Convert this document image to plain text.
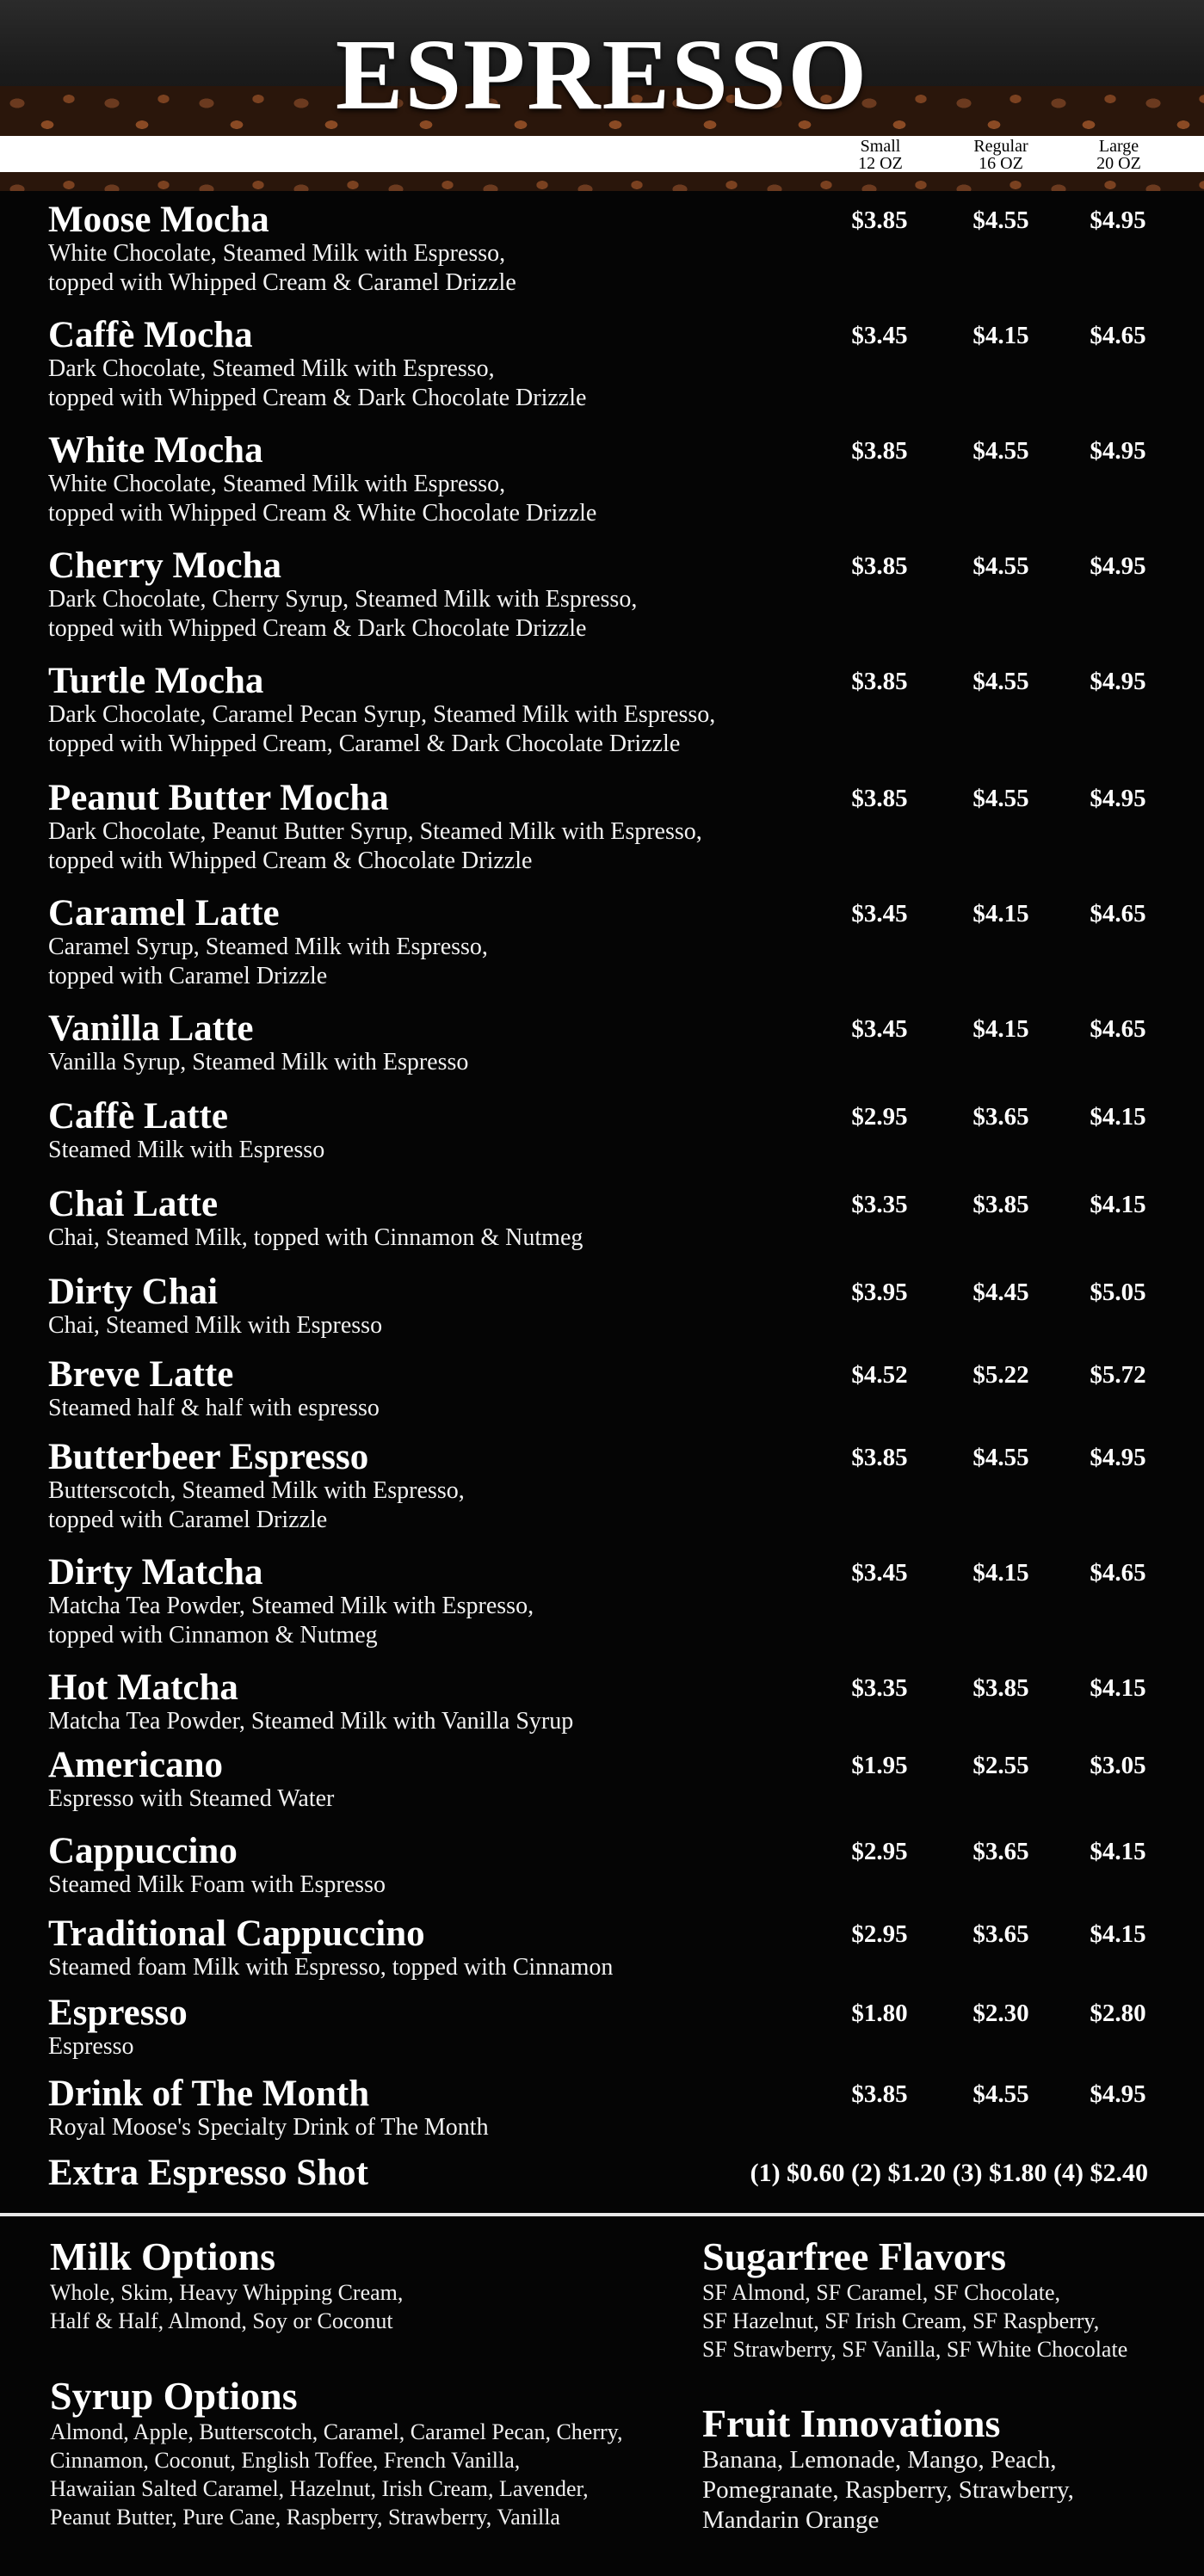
ESPRESSO
Small
12 OZ
Regular
16 OZ
Large
20 OZ
Moose Mocha
White Chocolate, Steamed Milk with Espresso,
topped with Whipped Cream & Caramel Drizzle
$3.85	$4.55	$4.95
Caffè Mocha
Dark Chocolate, Steamed Milk with Espresso,
topped with Whipped Cream & Dark Chocolate Drizzle
$3.45	$4.15	$4.65
White Mocha
White Chocolate, Steamed Milk with Espresso,
topped with Whipped Cream & White Chocolate Drizzle
$3.85	$4.55	$4.95
Cherry Mocha
Dark Chocolate, Cherry Syrup, Steamed Milk with Espresso,
topped with Whipped Cream & Dark Chocolate Drizzle
$3.85	$4.55	$4.95
Turtle Mocha
Dark Chocolate, Caramel Pecan Syrup, Steamed Milk with Espresso,
topped with Whipped Cream, Caramel & Dark Chocolate Drizzle
$3.85	$4.55	$4.95
Peanut Butter Mocha
Dark Chocolate, Peanut Butter Syrup, Steamed Milk with Espresso,
topped with Whipped Cream & Chocolate Drizzle
$3.85	$4.55	$4.95
Caramel Latte
Caramel Syrup, Steamed Milk with Espresso,
topped with Caramel Drizzle
$3.45	$4.15	$4.65
Vanilla Latte
Vanilla Syrup, Steamed Milk with Espresso
$3.45	$4.15	$4.65
Caffè Latte
Steamed Milk with Espresso
$2.95	$3.65	$4.15
Chai Latte
Chai, Steamed Milk, topped with Cinnamon & Nutmeg
$3.35	$3.85	$4.15
Dirty Chai
Chai, Steamed Milk with Espresso
$3.95	$4.45	$5.05
Breve Latte
Steamed half & half with espresso
$4.52	$5.22	$5.72
Butterbeer Espresso
Butterscotch, Steamed Milk with Espresso,
topped with Caramel Drizzle
$3.85	$4.55	$4.95
Dirty Matcha
Matcha Tea Powder, Steamed Milk with Espresso,
topped with Cinnamon & Nutmeg
$3.45	$4.15	$4.65
Hot Matcha
Matcha Tea Powder, Steamed Milk with Vanilla Syrup
$3.35	$3.85	$4.15
Americano
Espresso with Steamed Water
$1.95	$2.55	$3.05
Cappuccino
Steamed Milk Foam with Espresso
$2.95	$3.65	$4.15
Traditional Cappuccino
Steamed foam Milk with Espresso, topped with Cinnamon
$2.95	$3.65	$4.15
Espresso
Espresso
$1.80	$2.30	$2.80
Drink of The Month
Royal Moose's Specialty Drink of The Month
$3.85	$4.55	$4.95
Extra Espresso Shot	(1) $0.60 (2) $1.20 (3) $1.80 (4) $2.40
Milk Options
Whole, Skim, Heavy Whipping Cream,
Half & Half, Almond, Soy or Coconut
Syrup Options
Almond, Apple, Butterscotch, Caramel, Caramel Pecan, Cherry,
Cinnamon, Coconut, English Toffee, French Vanilla,
Hawaiian Salted Caramel, Hazelnut, Irish Cream, Lavender,
Peanut Butter, Pure Cane, Raspberry, Strawberry, Vanilla
Sugarfree Flavors
SF Almond, SF Caramel, SF Chocolate,
SF Hazelnut, SF Irish Cream, SF Raspberry,
SF Strawberry, SF Vanilla, SF White Chocolate
Fruit Innovations
Banana, Lemonade, Mango, Peach,
Pomegranate, Raspberry, Strawberry,
Mandarin Orange
